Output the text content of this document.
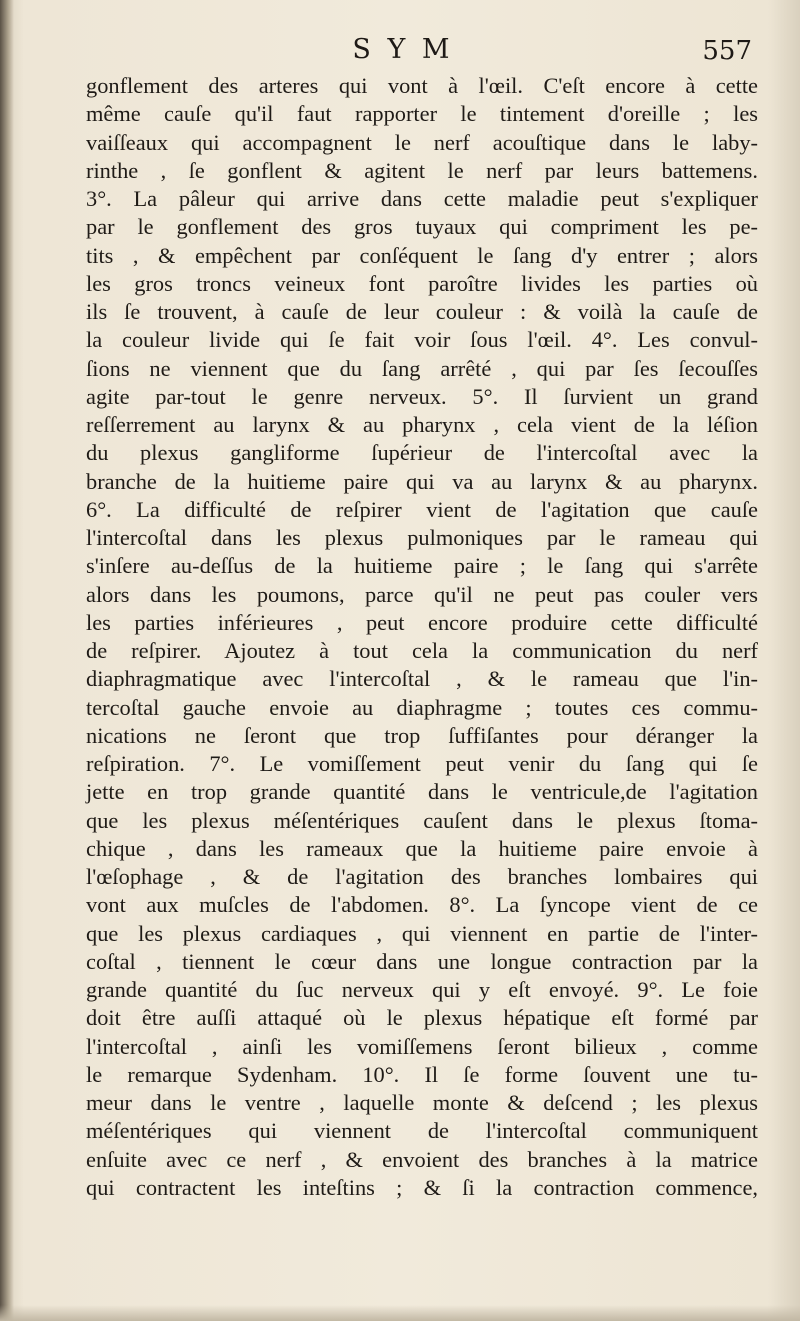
S Y M	557
gonflement des arteres qui vont à l'œil. C'eſt encore à cette
même cauſe qu'il faut rapporter le tintement d'oreille ; les
vaiſſeaux qui accompagnent le nerf acouſtique dans le laby-
rinthe , ſe gonflent & agitent le nerf par leurs battemens.
3°. La pâleur qui arrive dans cette maladie peut s'expliquer
par le gonflement des gros tuyaux qui compriment les pe-
tits , & empêchent par conſéquent le ſang d'y entrer ; alors
les gros troncs veineux font paroître livides les parties où
ils ſe trouvent, à cauſe de leur couleur : & voilà la cauſe de
la couleur livide qui ſe fait voir ſous l'œil. 4°. Les convul-
ſions ne viennent que du ſang arrêté , qui par ſes ſecouſſes
agite par-tout le genre nerveux. 5°. Il ſurvient un grand
reſſerrement au larynx & au pharynx , cela vient de la léſion
du plexus gangliforme ſupérieur de l'intercoſtal avec la
branche de la huitieme paire qui va au larynx & au pharynx.
6°. La difficulté de reſpirer vient de l'agitation que cauſe
l'intercoſtal dans les plexus pulmoniques par le rameau qui
s'inſere au-deſſus de la huitieme paire ; le ſang qui s'arrête
alors dans les poumons, parce qu'il ne peut pas couler vers
les parties inférieures , peut encore produire cette difficulté
de reſpirer. Ajoutez à tout cela la communication du nerf
diaphragmatique avec l'intercoſtal , & le rameau que l'in-
tercoſtal gauche envoie au diaphragme ; toutes ces commu-
nications ne ſeront que trop ſuffiſantes pour déranger la
reſpiration. 7°. Le vomiſſement peut venir du ſang qui ſe
jette en trop grande quantité dans le ventricule,de l'agitation
que les plexus méſentériques cauſent dans le plexus ſtoma-
chique , dans les rameaux que la huitieme paire envoie à
l'œſophage , & de l'agitation des branches lombaires qui
vont aux muſcles de l'abdomen. 8°. La ſyncope vient de ce
que les plexus cardiaques , qui viennent en partie de l'inter-
coſtal , tiennent le cœur dans une longue contraction par la
grande quantité du ſuc nerveux qui y eſt envoyé. 9°. Le foie
doit être auſſi attaqué où le plexus hépatique eſt formé par
l'intercoſtal , ainſi les vomiſſemens ſeront bilieux , comme
le remarque Sydenham. 10°. Il ſe forme ſouvent une tu-
meur dans le ventre , laquelle monte & deſcend ; les plexus
méſentériques qui viennent de l'intercoſtal communiquent
enſuite avec ce nerf , & envoient des branches à la matrice
qui contractent les inteſtins ; & ſi la contraction commence,
